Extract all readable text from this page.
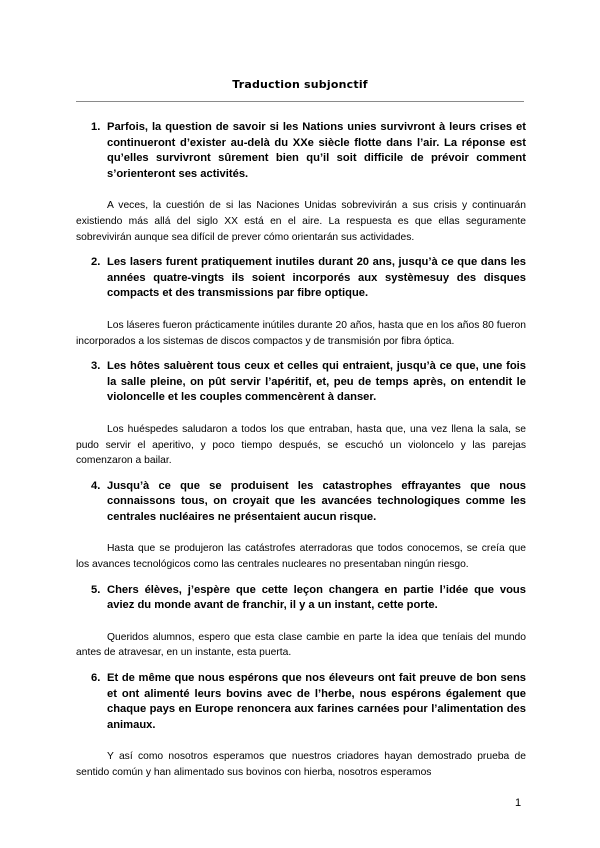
Traduction subjonctif
1. Parfois, la question de savoir si les Nations unies survivront à leurs crises et continueront d’exister au-delà du XXe siècle flotte dans l’air. La réponse est qu’elles survivront sûrement bien qu’il soit difficile de prévoir comment s’orienteront ses activités.

A veces, la cuestión de si las Naciones Unidas sobrevivirán a sus crisis y continuarán existiendo más allá del siglo XX está en el aire. La respuesta es que ellas seguramente sobrevivirán aunque sea difícil de prever cómo orientarán sus actividades.

2. Les lasers furent pratiquement inutiles durant 20 ans, jusqu’à ce que dans les années quatre-vingts ils soient incorporés aux systèmesuy des disques compacts et des transmissions par fibre optique.

Los láseres fueron prácticamente inútiles durante 20 años, hasta que en los años 80 fueron incorporados a los sistemas de discos compactos y de transmisión por fibra óptica.

3. Les hôtes saluèrent tous ceux et celles qui entraient, jusqu’à ce que, une fois la salle pleine, on pût servir l’apéritif, et, peu de temps après, on entendit le violoncelle et les couples commencèrent à danser.

Los huéspedes saludaron a todos los que entraban, hasta que, una vez llena la sala, se pudo servir el aperitivo, y poco tiempo después, se escuchó un violoncelo y las parejas comenzaron a bailar.

4. Jusqu’à ce que se produisent les catastrophes effrayantes que nous connaissons tous, on croyait que les avancées technologiques comme les centrales nucléaires ne présentaient aucun risque.

Hasta que se produjeron las catástrofes aterradoras que todos conocemos, se creía que los avances tecnológicos como las centrales nucleares no presentaban ningún riesgo.

5. Chers élèves, j’espère que cette leçon changera en partie l’idée que vous aviez du monde avant de franchir, il y a un instant, cette porte.

Queridos alumnos, espero que esta clase cambie en parte la idea que teníais del mundo antes de atravesar, en un instante, esta puerta.

6. Et de même que nous espérons que nos éleveurs ont fait preuve de bon sens et ont alimenté leurs bovins avec de l’herbe, nous espérons également que chaque pays en Europe renoncera aux farines carnées pour l’alimentation des animaux.

Y así como nosotros esperamos que nuestros criadores hayan demostrado prueba de sentido común y han alimentado sus bovinos con hierba, nosotros esperamos

1
